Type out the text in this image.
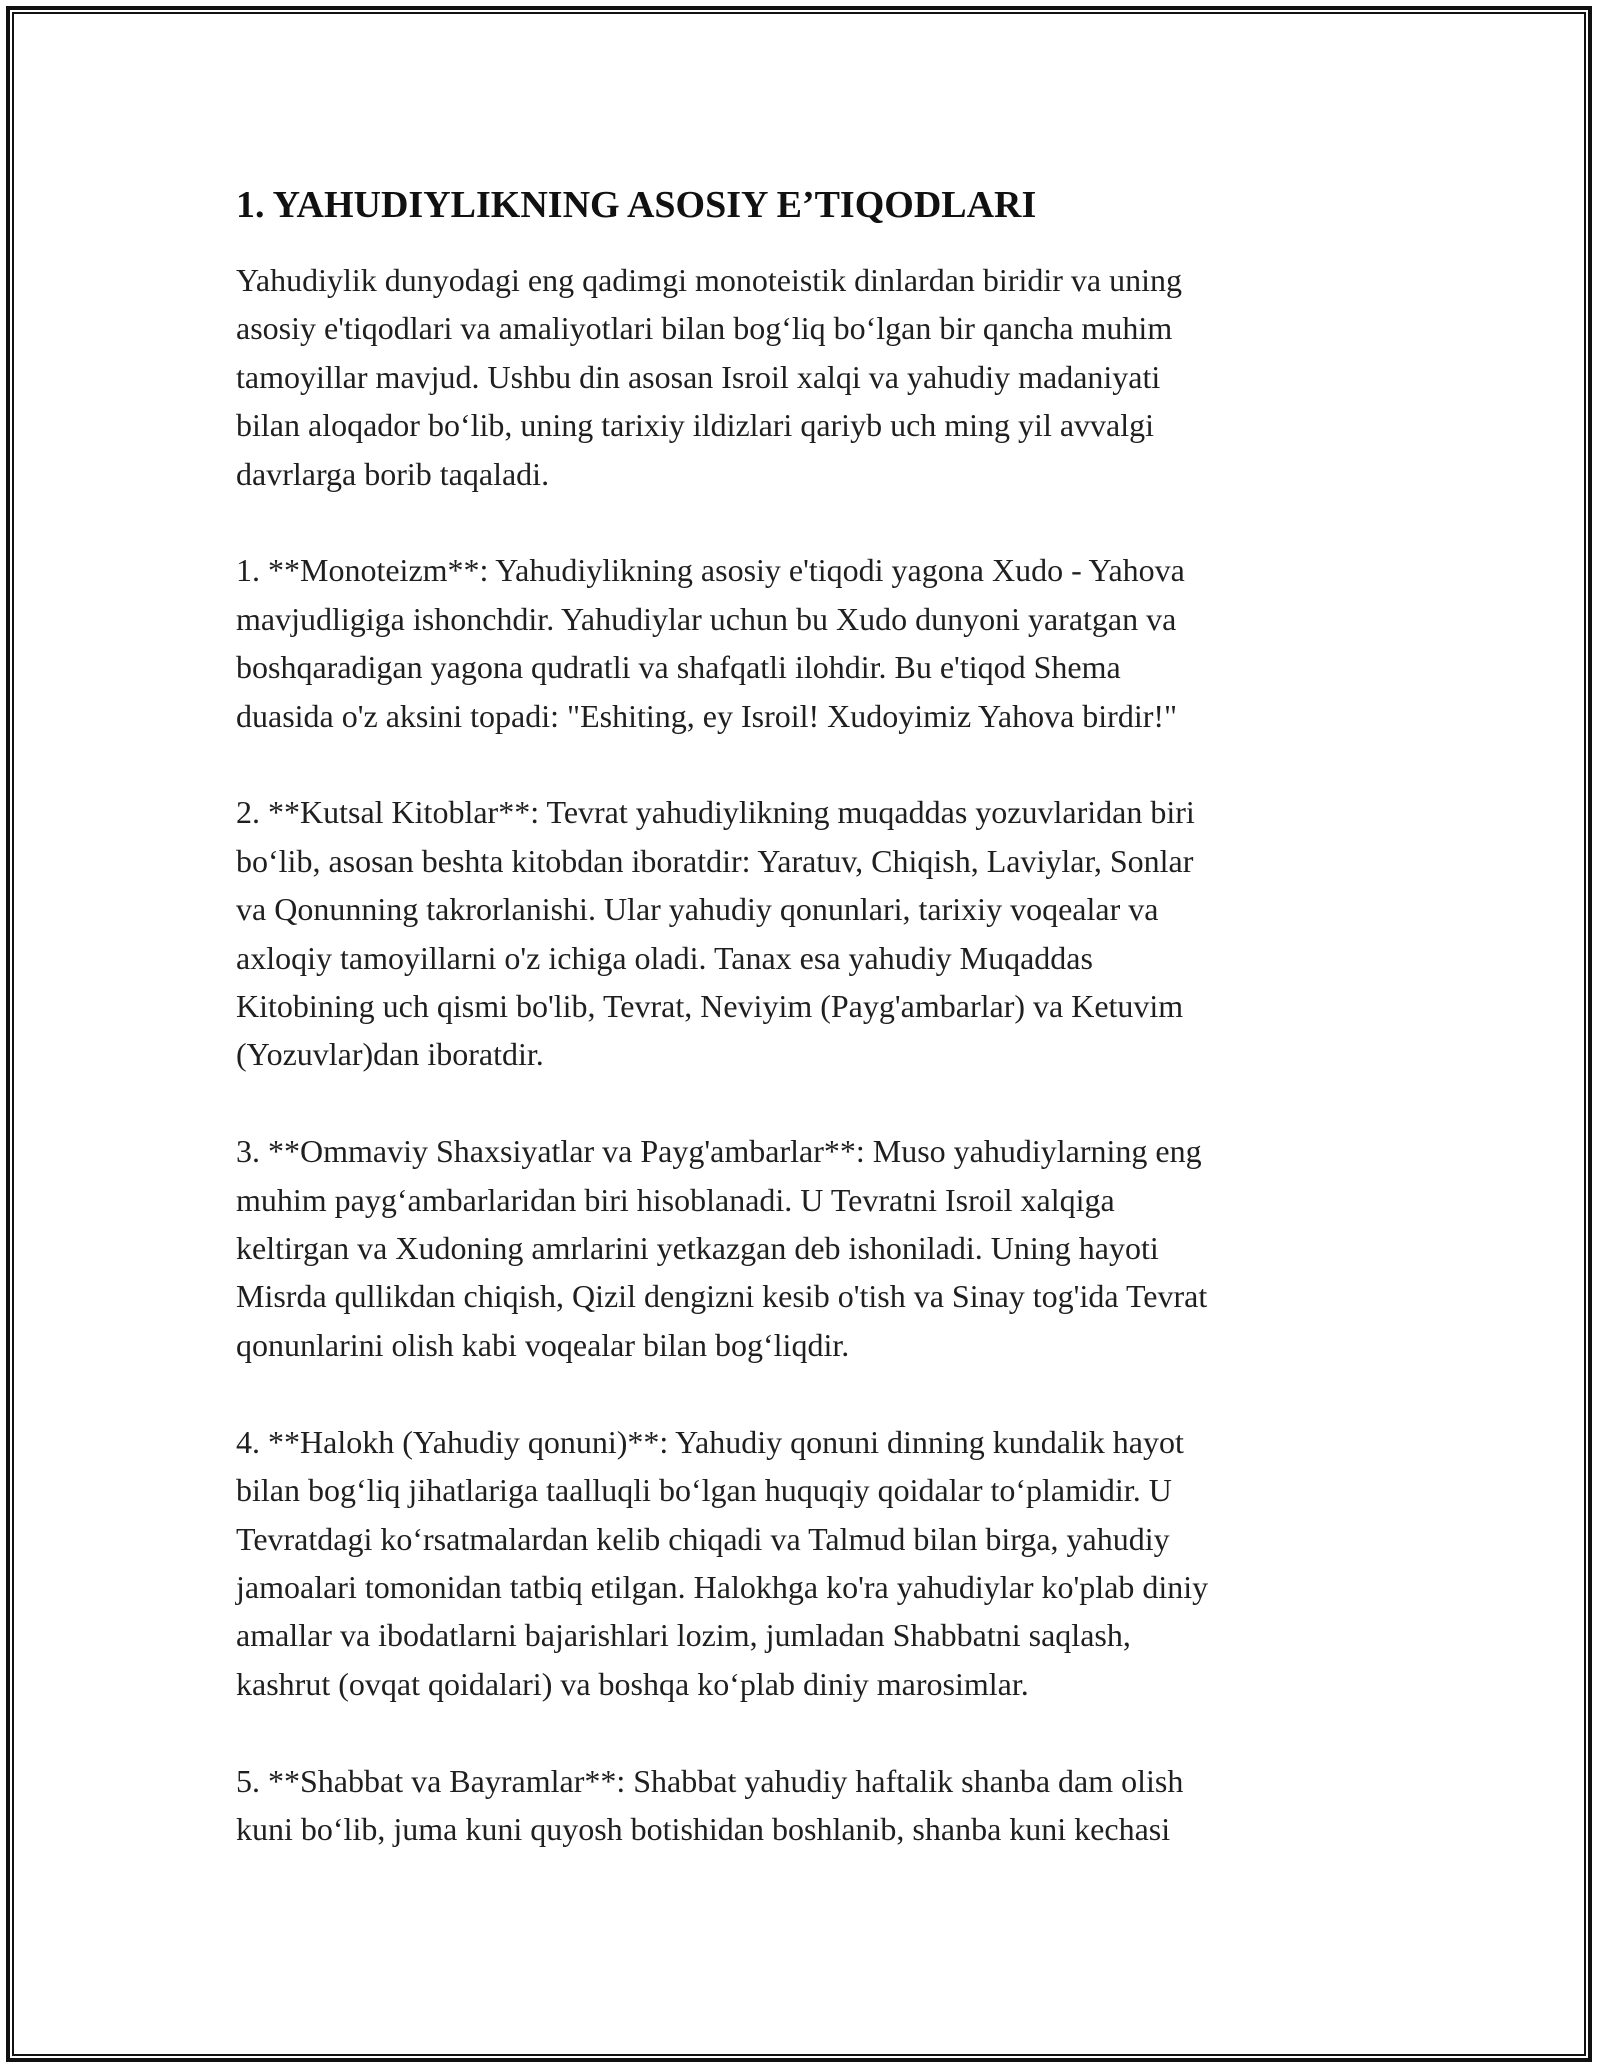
1. YAHUDIYLIKNING ASOSIY E’TIQODLARI

Yahudiylik dunyodagi eng qadimgi monoteistik dinlardan biridir va uning
asosiy e'tiqodlari va amaliyotlari bilan bog‘liq bo‘lgan bir qancha muhim
tamoyillar mavjud. Ushbu din asosan Isroil xalqi va yahudiy madaniyati
bilan aloqador bo‘lib, uning tarixiy ildizlari qariyb uch ming yil avvalgi
davrlarga borib taqaladi.

1. **Monoteizm**: Yahudiylikning asosiy e'tiqodi yagona Xudo - Yahova
mavjudligiga ishonchdir. Yahudiylar uchun bu Xudo dunyoni yaratgan va
boshqaradigan yagona qudratli va shafqatli ilohdir. Bu e'tiqod Shema
duasida o'z aksini topadi: "Eshiting, ey Isroil! Xudoyimiz Yahova birdir!"

2. **Kutsal Kitoblar**: Tevrat yahudiylikning muqaddas yozuvlaridan biri
bo‘lib, asosan beshta kitobdan iboratdir: Yaratuv, Chiqish, Laviylar, Sonlar
va Qonunning takrorlanishi. Ular yahudiy qonunlari, tarixiy voqealar va
axloqiy tamoyillarni o'z ichiga oladi. Tanax esa yahudiy Muqaddas
Kitobining uch qismi bo'lib, Tevrat, Neviyim (Payg'ambarlar) va Ketuvim
(Yozuvlar)dan iboratdir.

3. **Ommaviy Shaxsiyatlar va Payg'ambarlar**: Muso yahudiylarning eng
muhim payg‘ambarlaridan biri hisoblanadi. U Tevratni Isroil xalqiga
keltirgan va Xudoning amrlarini yetkazgan deb ishoniladi. Uning hayoti
Misrda qullikdan chiqish, Qizil dengizni kesib o'tish va Sinay tog'ida Tevrat
qonunlarini olish kabi voqealar bilan bog‘liqdir.

4. **Halokh (Yahudiy qonuni)**: Yahudiy qonuni dinning kundalik hayot
bilan bog‘liq jihatlariga taalluqli bo‘lgan huquqiy qoidalar to‘plamidir. U
Tevratdagi ko‘rsatmalardan kelib chiqadi va Talmud bilan birga, yahudiy
jamoalari tomonidan tatbiq etilgan. Halokhga ko'ra yahudiylar ko'plab diniy
amallar va ibodatlarni bajarishlari lozim, jumladan Shabbatni saqlash,
kashrut (ovqat qoidalari) va boshqa ko‘plab diniy marosimlar.

5. **Shabbat va Bayramlar**: Shabbat yahudiy haftalik shanba dam olish
kuni bo‘lib, juma kuni quyosh botishidan boshlanib, shanba kuni kechasi
